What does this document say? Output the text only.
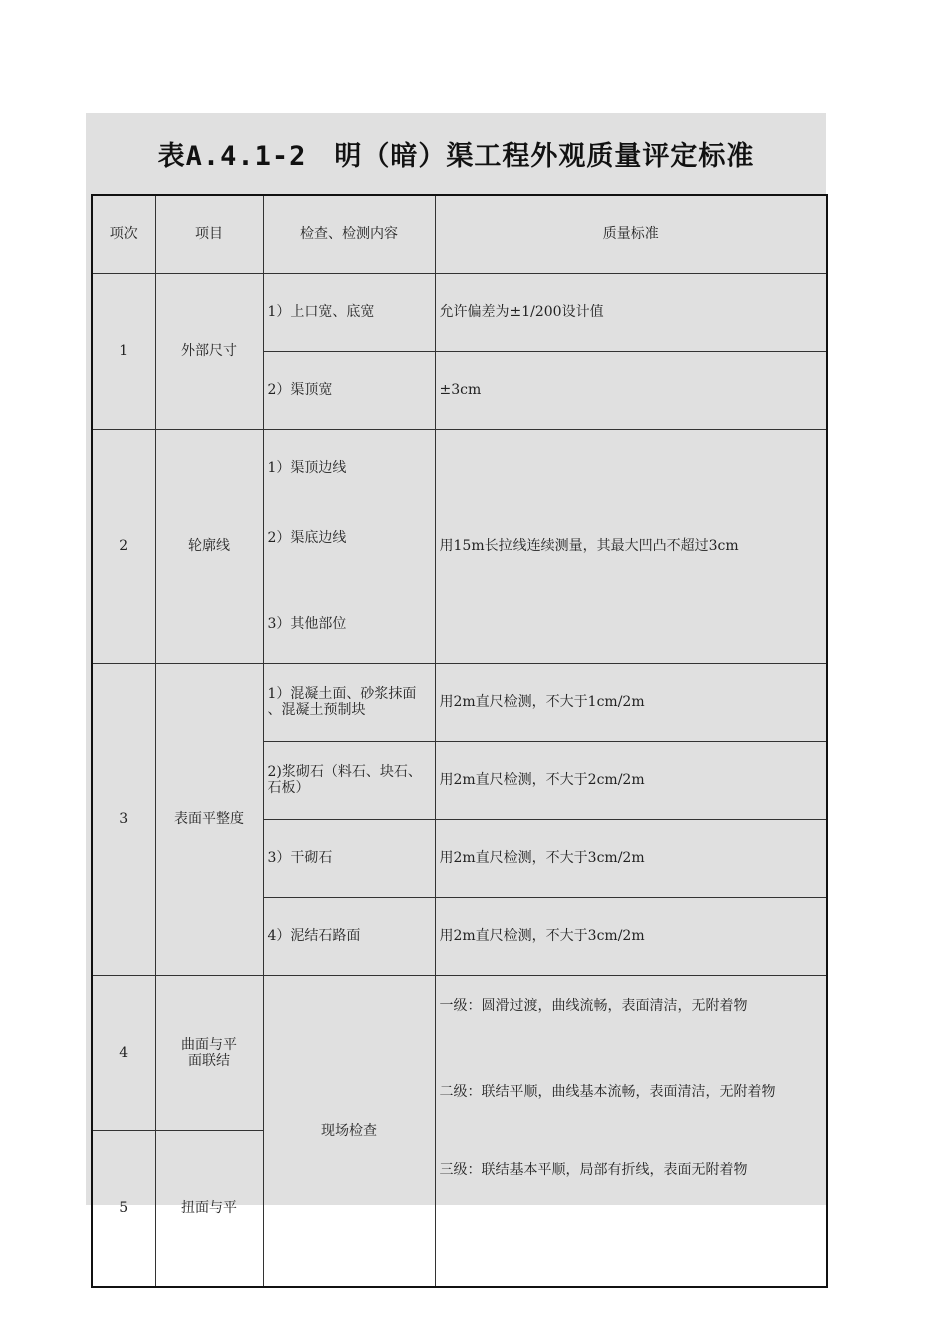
表A.4.1-2　明（暗）渠工程外观质量评定标准
项次	项目	检查、检测内容	质量标准
1	外部尺寸	1）上口宽、底宽	允许偏差为±1/200设计值
		2）渠顶宽	±3cm
2	轮廓线	1）渠顶边线
2）渠底边线
3）其他部位	用15m长拉线连续测量，其最大凹凸不超过3cm
3	表面平整度	1）混凝土面、砂浆抹面
、混凝土预制块	用2m直尺检测，不大于1cm/2m
		2)浆砌石（料石、块石、石板）	用2m直尺检测，不大于2cm/2m
		3）干砌石	用2m直尺检测，不大于3cm/2m
		4）泥结石路面	用2m直尺检测，不大于3cm/2m
4	曲面与平面联结	现场检查	一级：圆滑过渡，曲线流畅，表面清洁，无附着物
二级：联结平顺，曲线基本流畅，表面清洁，无附着物
三级：联结基本平顺，局部有折线，表面无附着物

5	扭面与平		
